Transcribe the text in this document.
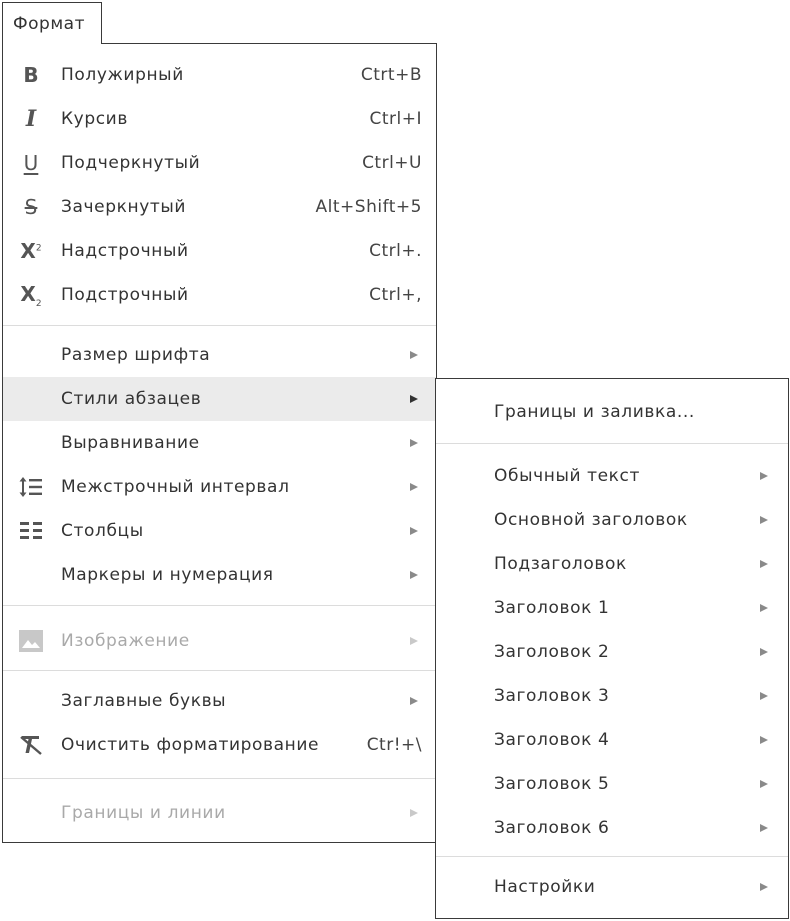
Формат
B Полужирный	Ctrt+B
I Курсив	Ctrl+I
U Подчеркнутый	Ctrl+U
S Зачеркнутый	Alt+Shift+5
$X^2$ Надстрочный	Ctrl+.
$X_2$ Подстрочный	Ctrl+,
Размер шрифта
Стили абзацев
Выравнивание
Межстрочный интервал
Столбцы
Маркеры и нумерация
Изображение
Заглавные буквы
Очистить форматирование	Ctr!+\
Границы и линии
Границы и заливка...
Обычный текст
Основной заголовок
Подзаголовок
Заголовок 1
Заголовок 2
Заголовок 3
Заголовок 4
Заголовок 5
Заголовок 6
Настройки
